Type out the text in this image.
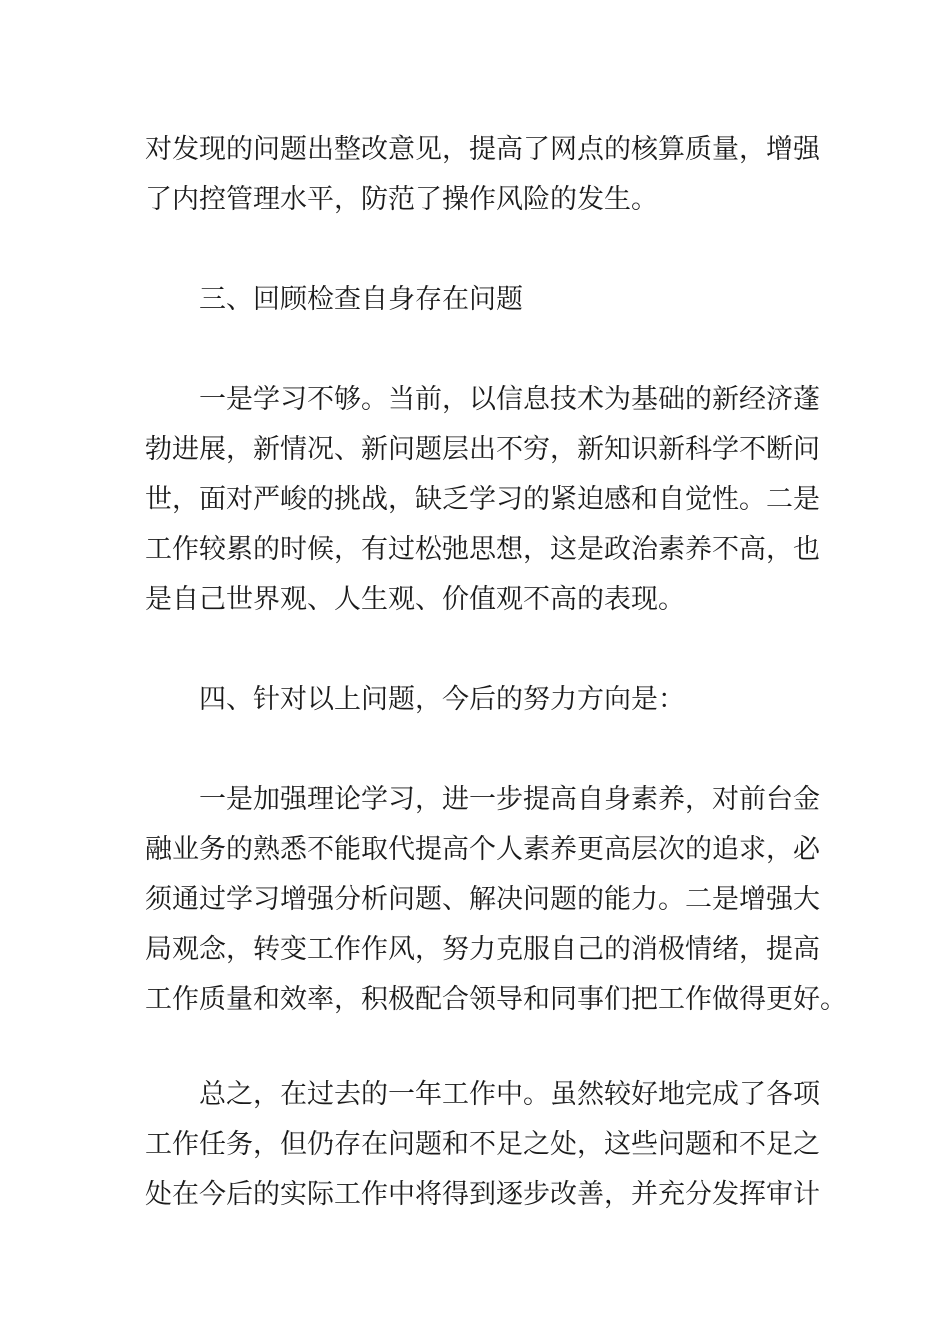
对发现的问题出整改意见，提高了网点的核算质量，增强
了内控管理水平，防范了操作风险的发生。
三、回顾检查自身存在问题
一是学习不够。当前，以信息技术为基础的新经济蓬
勃进展，新情况、新问题层出不穷，新知识新科学不断问
世，面对严峻的挑战，缺乏学习的紧迫感和自觉性。二是
工作较累的时候，有过松弛思想，这是政治素养不高，也
是自己世界观、人生观、价值观不高的表现。
四、针对以上问题，今后的努力方向是：
一是加强理论学习，进一步提高自身素养，对前台金
融业务的熟悉不能取代提高个人素养更高层次的追求，必
须通过学习增强分析问题、解决问题的能力。二是增强大
局观念，转变工作作风，努力克服自己的消极情绪，提高
工作质量和效率，积极配合领导和同事们把工作做得更好。
总之，在过去的一年工作中。虽然较好地完成了各项
工作任务，但仍存在问题和不足之处，这些问题和不足之
处在今后的实际工作中将得到逐步改善，并充分发挥审计
